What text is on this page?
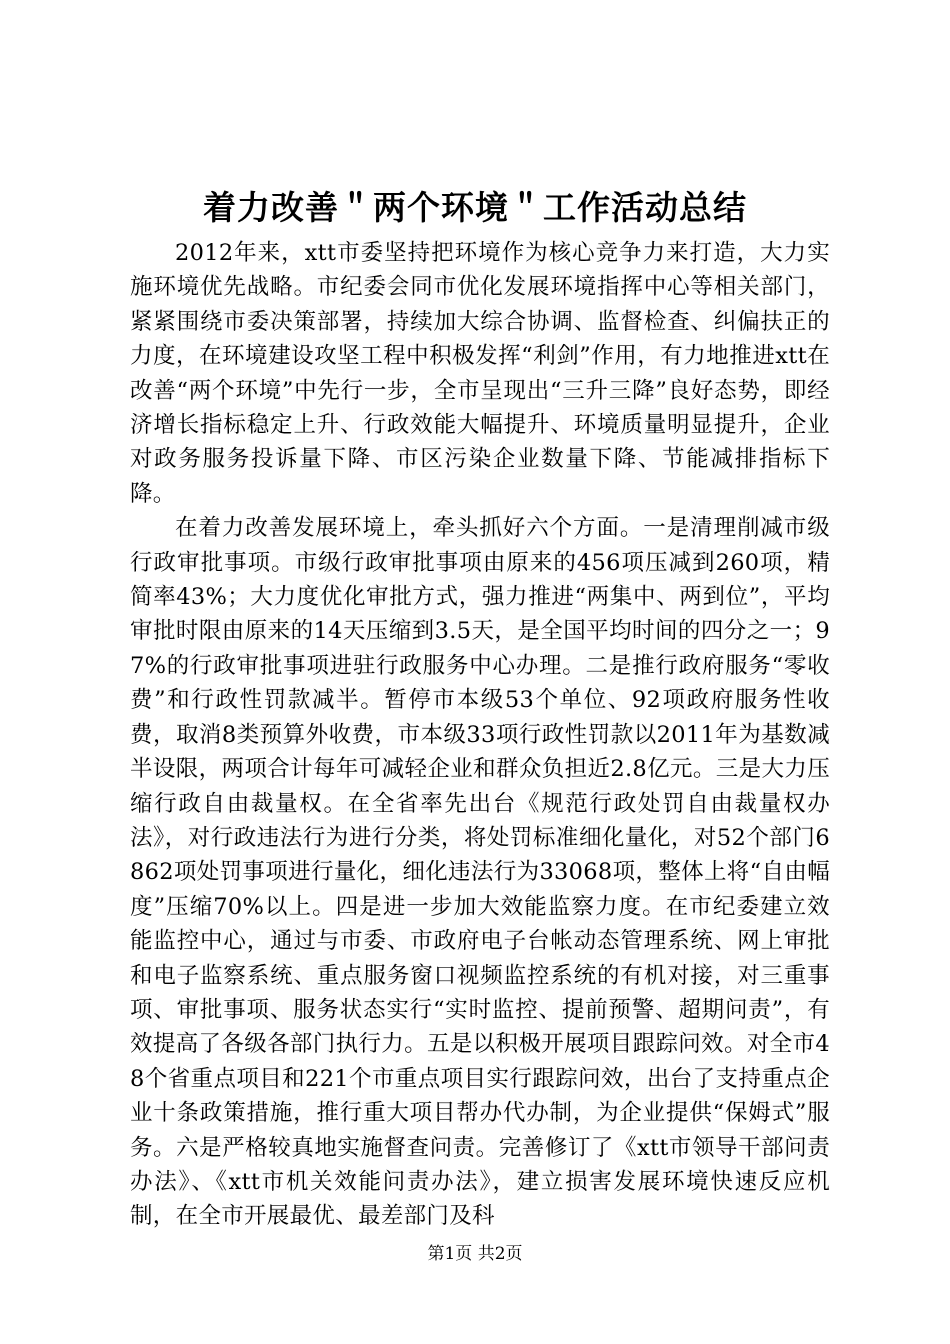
着力改善＂两个环境＂工作活动总结

2012年来，xtt市委坚持把环境作为核心竞争力来打造，大力实施环境优先战略。市纪委会同市优化发展环境指挥中心等相关部门，紧紧围绕市委决策部署，持续加大综合协调、监督检查、纠偏扶正的力度，在环境建设攻坚工程中积极发挥“利剑”作用，有力地推进xtt在改善“两个环境”中先行一步，全市呈现出“三升三降”良好态势，即经济增长指标稳定上升、行政效能大幅提升、环境质量明显提升，企业对政务服务投诉量下降、市区污染企业数量下降、节能减排指标下降。

在着力改善发展环境上，牵头抓好六个方面。一是清理削减市级行政审批事项。市级行政审批事项由原来的456项压减到260项，精简率43%；大力度优化审批方式，强力推进“两集中、两到位”，平均审批时限由原来的14天压缩到3.5天，是全国平均时间的四分之一；97%的行政审批事项进驻行政服务中心办理。二是推行政府服务“零收费”和行政性罚款减半。暂停市本级53个单位、92项政府服务性收费，取消8类预算外收费，市本级33项行政性罚款以2011年为基数减半设限，两项合计每年可减轻企业和群众负担近2.8亿元。三是大力压缩行政自由裁量权。在全省率先出台《规范行政处罚自由裁量权办法》，对行政违法行为进行分类，将处罚标准细化量化，对52个部门6862项处罚事项进行量化，细化违法行为33068项，整体上将“自由幅度”压缩70%以上。四是进一步加大效能监察力度。在市纪委建立效能监控中心，通过与市委、市政府电子台帐动态管理系统、网上审批和电子监察系统、重点服务窗口视频监控系统的有机对接，对三重事项、审批事项、服务状态实行“实时监控、提前预警、超期问责”，有效提高了各级各部门执行力。五是以积极开展项目跟踪问效。对全市48个省重点项目和221个市重点项目实行跟踪问效，出台了支持重点企业十条政策措施，推行重大项目帮办代办制，为企业提供“保姆式”服务。六是严格较真地实施督查问责。完善修订了《xtt市领导干部问责办法》、《xtt市机关效能问责办法》，建立损害发展环境快速反应机制，在全市开展最优、最差部门及科

第1页 共2页
